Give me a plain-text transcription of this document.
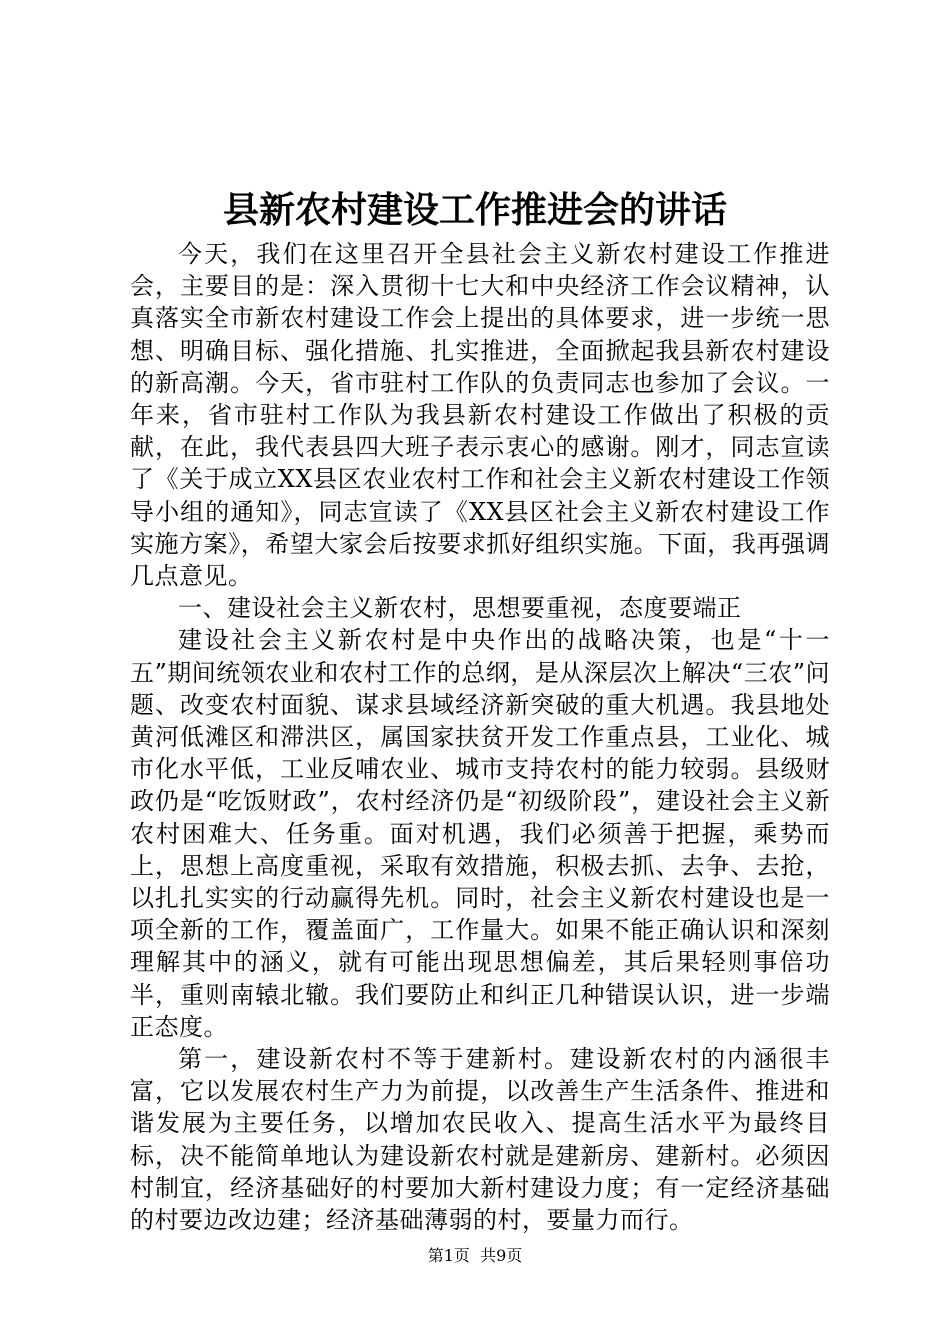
县新农村建设工作推进会的讲话

今天，我们在这里召开全县社会主义新农村建设工作推进会，主要目的是：深入贯彻十七大和中央经济工作会议精神，认真落实全市新农村建设工作会上提出的具体要求，进一步统一思想、明确目标、强化措施、扎实推进，全面掀起我县新农村建设的新高潮。今天，省市驻村工作队的负责同志也参加了会议。一年来，省市驻村工作队为我县新农村建设工作做出了积极的贡献，在此，我代表县四大班子表示衷心的感谢。刚才，同志宣读了《关于成立XX县区农业农村工作和社会主义新农村建设工作领导小组的通知》，同志宣读了《XX县区社会主义新农村建设工作实施方案》，希望大家会后按要求抓好组织实施。下面，我再强调几点意见。

一、建设社会主义新农村，思想要重视，态度要端正

建设社会主义新农村是中央作出的战略决策，也是“十一五”期间统领农业和农村工作的总纲，是从深层次上解决“三农”问题、改变农村面貌、谋求县域经济新突破的重大机遇。我县地处黄河低滩区和滞洪区，属国家扶贫开发工作重点县，工业化、城市化水平低，工业反哺农业、城市支持农村的能力较弱。县级财政仍是“吃饭财政”，农村经济仍是“初级阶段”，建设社会主义新农村困难大、任务重。面对机遇，我们必须善于把握，乘势而上，思想上高度重视，采取有效措施，积极去抓、去争、去抢，以扎扎实实的行动赢得先机。同时，社会主义新农村建设也是一项全新的工作，覆盖面广，工作量大。如果不能正确认识和深刻理解其中的涵义，就有可能出现思想偏差，其后果轻则事倍功半，重则南辕北辙。我们要防止和纠正几种错误认识，进一步端正态度。

第一，建设新农村不等于建新村。建设新农村的内涵很丰富，它以发展农村生产力为前提，以改善生产生活条件、推进和谐发展为主要任务，以增加农民收入、提高生活水平为最终目标，决不能简单地认为建设新农村就是建新房、建新村。必须因村制宜，经济基础好的村要加大新村建设力度；有一定经济基础的村要边改边建；经济基础薄弱的村，要量力而行。

第1页 共9页
